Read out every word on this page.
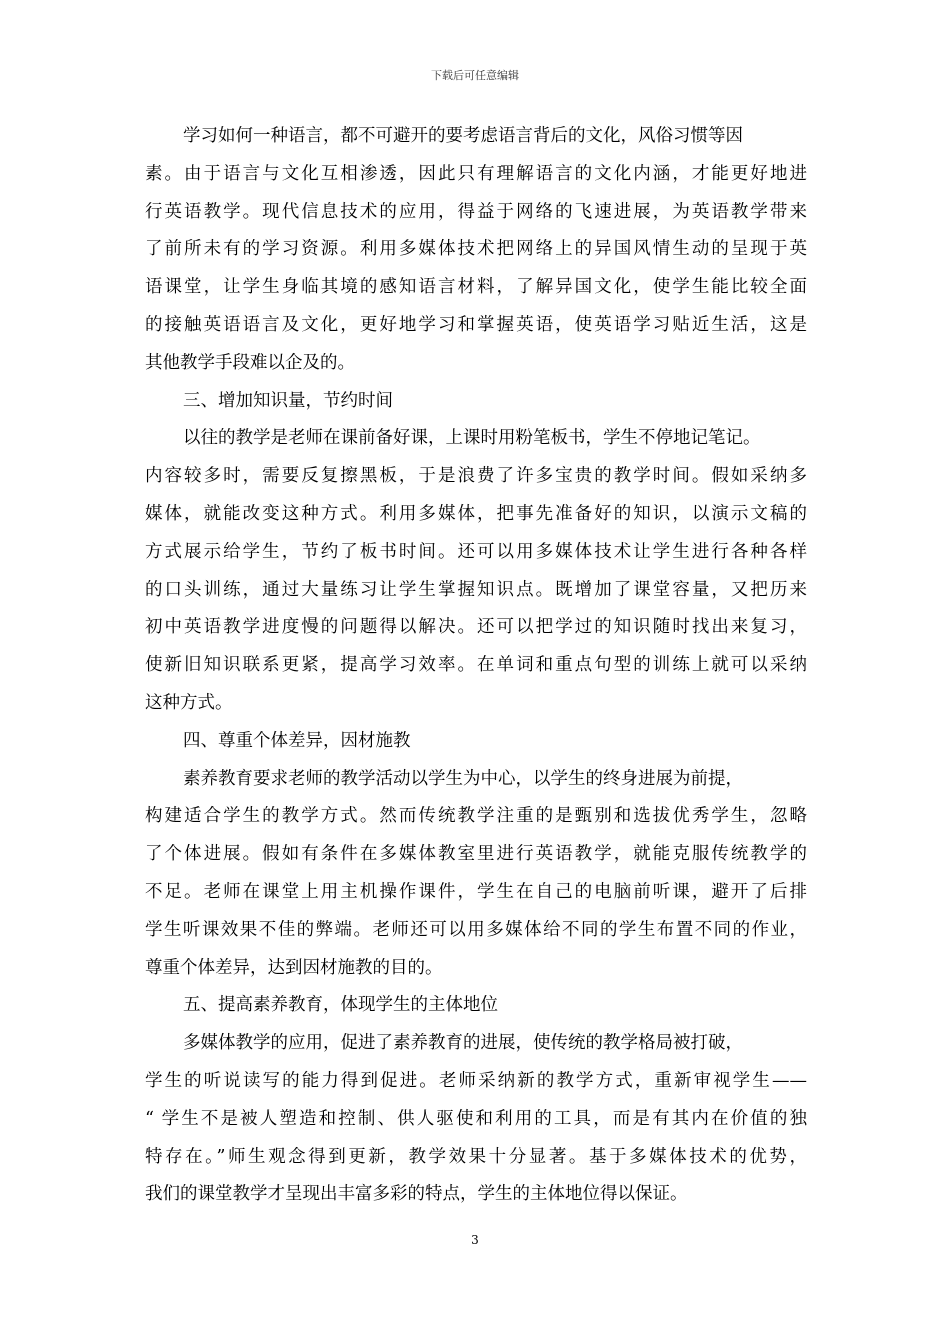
下载后可任意编辑
学习如何一种语言，都不可避开的要考虑语言背后的文化，风俗习惯等因
素。由于语言与文化互相渗透，因此只有理解语言的文化内涵，才能更好地进
行英语教学。现代信息技术的应用，得益于网络的飞速进展，为英语教学带来
了前所未有的学习资源。利用多媒体技术把网络上的异国风情生动的呈现于英
语课堂，让学生身临其境的感知语言材料，了解异国文化，使学生能比较全面
的接触英语语言及文化，更好地学习和掌握英语，使英语学习贴近生活，这是
其他教学手段难以企及的。
三、增加知识量，节约时间
以往的教学是老师在课前备好课，上课时用粉笔板书，学生不停地记笔记。
内容较多时，需要反复擦黑板，于是浪费了许多宝贵的教学时间。假如采纳多
媒体，就能改变这种方式。利用多媒体，把事先准备好的知识，以演示文稿的
方式展示给学生，节约了板书时间。还可以用多媒体技术让学生进行各种各样
的口头训练，通过大量练习让学生掌握知识点。既增加了课堂容量，又把历来
初中英语教学进度慢的问题得以解决。还可以把学过的知识随时找出来复习，
使新旧知识联系更紧，提高学习效率。在单词和重点句型的训练上就可以采纳
这种方式。
四、尊重个体差异，因材施教
素养教育要求老师的教学活动以学生为中心，以学生的终身进展为前提，
构建适合学生的教学方式。然而传统教学注重的是甄别和选拔优秀学生，忽略
了个体进展。假如有条件在多媒体教室里进行英语教学，就能克服传统教学的
不足。老师在课堂上用主机操作课件，学生在自己的电脑前听课，避开了后排
学生听课效果不佳的弊端。老师还可以用多媒体给不同的学生布置不同的作业，
尊重个体差异，达到因材施教的目的。
五、提高素养教育，体现学生的主体地位
多媒体教学的应用，促进了素养教育的进展，使传统的教学格局被打破，
学生的听说读写的能力得到促进。老师采纳新的教学方式，重新审视学生——
“ 学生不是被人塑造和控制、供人驱使和利用的工具，而是有其内在价值的独
特存在。”师生观念得到更新，教学效果十分显著。基于多媒体技术的优势，
我们的课堂教学才呈现出丰富多彩的特点，学生的主体地位得以保证。
3
